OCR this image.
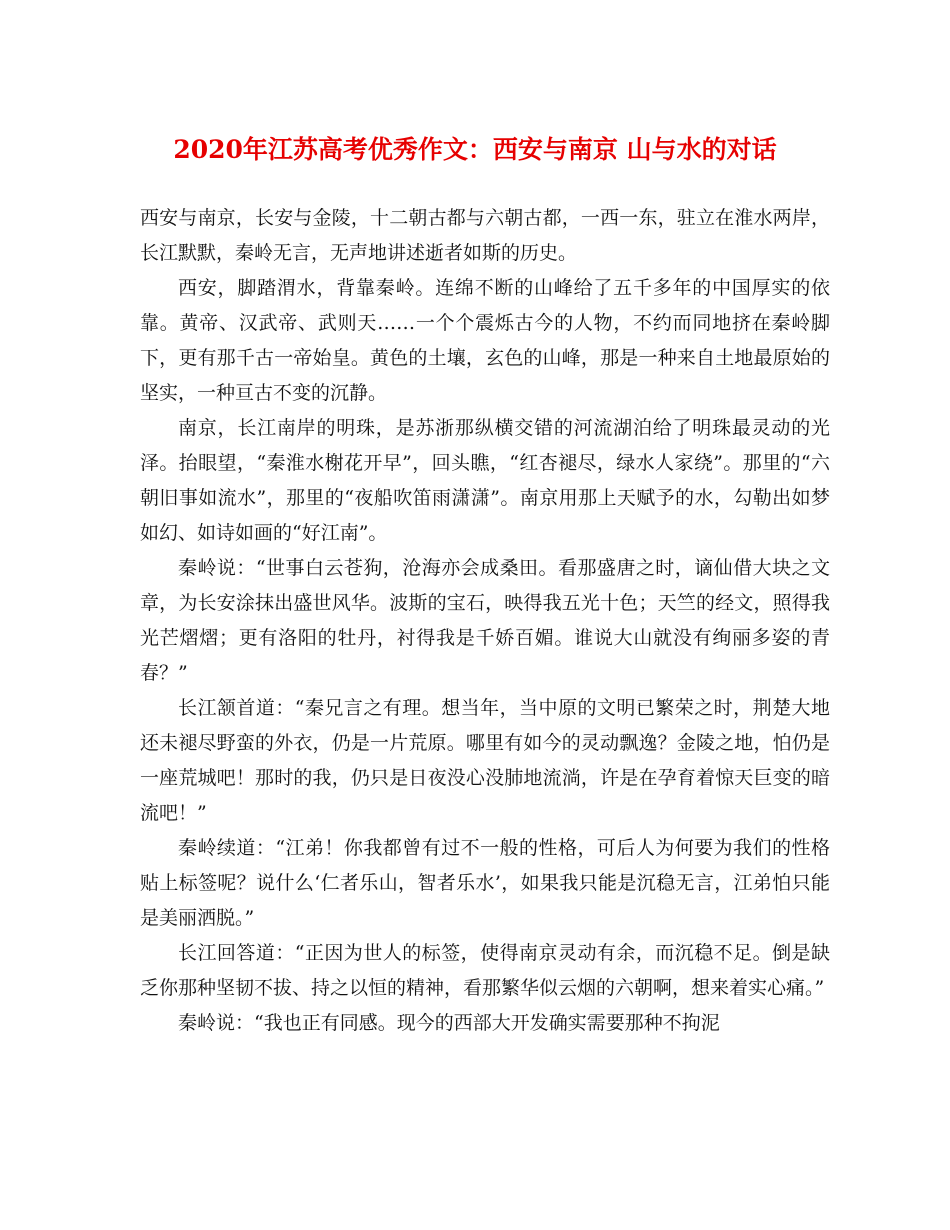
2020年江苏高考优秀作文：西安与南京 山与水的对话

西安与南京，长安与金陵，十二朝古都与六朝古都，一西一东，驻立在淮水两岸，长江默默，秦岭无言，无声地讲述逝者如斯的历史。

西安，脚踏渭水，背靠秦岭。连绵不断的山峰给了五千多年的中国厚实的依靠。黄帝、汉武帝、武则天……一个个震烁古今的人物，不约而同地挤在秦岭脚下，更有那千古一帝始皇。黄色的土壤，玄色的山峰，那是一种来自土地最原始的坚实，一种亘古不变的沉静。

南京，长江南岸的明珠，是苏浙那纵横交错的河流湖泊给了明珠最灵动的光泽。抬眼望，“秦淮水榭花开早”，回头瞧，“红杏褪尽，绿水人家绕”。那里的“六朝旧事如流水”，那里的“夜船吹笛雨潇潇”。南京用那上天赋予的水，勾勒出如梦如幻、如诗如画的“好江南”。

秦岭说：“世事白云苍狗，沧海亦会成桑田。看那盛唐之时，谪仙借大块之文章，为长安涂抹出盛世风华。波斯的宝石，映得我五光十色；天竺的经文，照得我光芒熠熠；更有洛阳的牡丹，衬得我是千娇百媚。谁说大山就没有绚丽多姿的青春？”

长江颔首道：“秦兄言之有理。想当年，当中原的文明已繁荣之时，荆楚大地还未褪尽野蛮的外衣，仍是一片荒原。哪里有如今的灵动飘逸？金陵之地，怕仍是一座荒城吧！那时的我，仍只是日夜没心没肺地流淌，许是在孕育着惊天巨变的暗流吧！”

秦岭续道：“江弟！你我都曾有过不一般的性格，可后人为何要为我们的性格贴上标签呢？说什么‘仁者乐山，智者乐水’，如果我只能是沉稳无言，江弟怕只能是美丽洒脱。”

长江回答道：“正因为世人的标签，使得南京灵动有余，而沉稳不足。倒是缺乏你那种坚韧不拔、持之以恒的精神，看那繁华似云烟的六朝啊，想来着实心痛。”

秦岭说：“我也正有同感。现今的西部大开发确实需要那种不拘泥
